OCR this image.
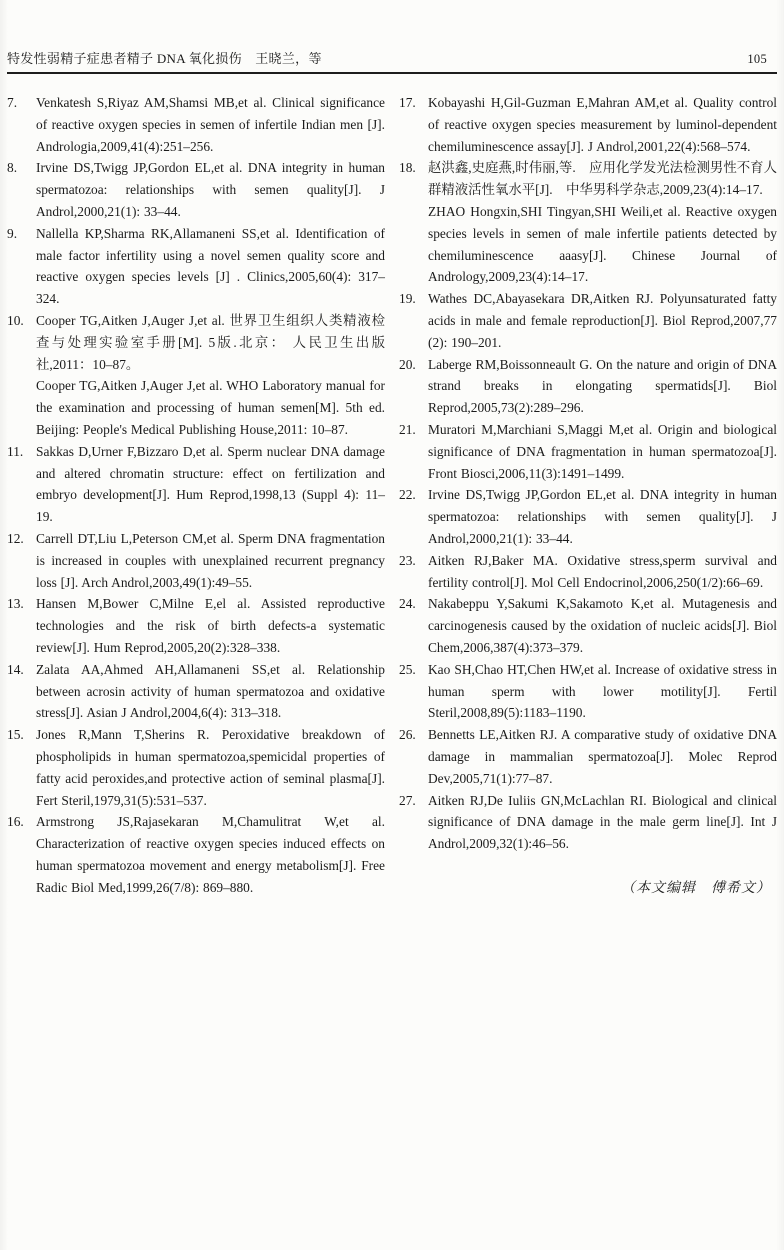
特发性弱精子症患者精子 DNA 氧化损伤　王晓兰，等	105
7.	Venkatesh S,Riyaz AM,Shamsi MB,et al. Clinical significance of reactive oxygen species in semen of infertile Indian men [J]. Andrologia,2009,41(4):251–256.

8.	Irvine DS,Twigg JP,Gordon EL,et al. DNA integrity in human spermatozoa: relationships with semen quality[J]. J Androl,2000,21(1): 33–44.

9.	Nallella KP,Sharma RK,Allamaneni SS,et al. Identification of male factor infertility using a novel semen quality score and reactive oxygen species levels [J] . Clinics,2005,60(4): 317–324.

10. Cooper TG,Aitken J,Auger J,et al. 世界卫生组织人类精液检查与处理实验室手册[M]. 5版.北京： 人民卫生出版社,2011：10–87。

Cooper TG,Aitken J,Auger J,et al. WHO Laboratory manual for the examination and processing of human semen[M]. 5th ed. Beijing: People's Medical Publishing House,2011: 10–87.

11. Sakkas D,Urner F,Bizzaro D,et al. Sperm nuclear DNA damage and altered chromatin structure: effect on fertilization and embryo development[J]. Hum Reprod,1998,13 (Suppl 4): 11–19.

12. Carrell DT,Liu L,Peterson CM,et al. Sperm DNA fragmentation is increased in couples with unexplained recurrent pregnancy loss [J]. Arch Androl,2003,49(1):49–55.

13. Hansen M,Bower C,Milne E,el al. Assisted reproductive technologies and the risk of birth defects-a systematic review[J]. Hum Reprod,2005,20(2):328–338.

14. Zalata AA,Ahmed AH,Allamaneni SS,et al. Relationship between acrosin activity of human spermatozoa and oxidative stress[J]. Asian J Androl,2004,6(4): 313–318.

15. Jones R,Mann T,Sherins R. Peroxidative breakdown of phospholipids in human spermatozoa,spemicidal properties of fatty acid peroxides,and protective action of seminal plasma[J]. Fert Steril,1979,31(5):531–537.

16. Armstrong JS,Rajasekaran M,Chamulitrat W,et al. Characterization of reactive oxygen species induced effects on human spermatozoa movement and energy metabolism[J]. Free Radic Biol Med,1999,26(7/8): 869–880.

17. Kobayashi H,Gil-Guzman E,Mahran AM,et al. Quality control of reactive oxygen species measurement by luminol-dependent chemiluminescence assay[J]. J Androl,2001,22(4):568–574.

18. 赵洪鑫,史庭燕,时伟丽,等.　应用化学发光法检测男性不育人群精液活性氧水平[J].　中华男科学杂志,2009,23(4):14–17.

ZHAO Hongxin,SHI Tingyan,SHI Weili,et al. Reactive oxygen species levels in semen of male infertile patients detected by chemiluminescence aaasy[J]. Chinese Journal of Andrology,2009,23(4):14–17.

19. Wathes DC,Abayasekara DR,Aitken RJ. Polyunsaturated fatty acids in male and female reproduction[J]. Biol Reprod,2007,77 (2): 190–201.

20. Laberge RM,Boissonneault G. On the nature and origin of DNA strand breaks in elongating spermatids[J]. Biol Reprod,2005,73(2):289–296.

21. Muratori M,Marchiani S,Maggi M,et al. Origin and biological significance of DNA fragmentation in human spermatozoa[J]. Front Biosci,2006,11(3):1491–1499.

22. Irvine DS,Twigg JP,Gordon EL,et al. DNA integrity in human spermatozoa: relationships with semen quality[J]. J Androl,2000,21(1): 33–44.

23. Aitken RJ,Baker MA. Oxidative stress,sperm survival and fertility control[J]. Mol Cell Endocrinol,2006,250(1/2):66–69.

24. Nakabeppu Y,Sakumi K,Sakamoto K,et al. Mutagenesis and carcinogenesis caused by the oxidation of nucleic acids[J]. Biol Chem,2006,387(4):373–379.

25. Kao SH,Chao HT,Chen HW,et al. Increase of oxidative stress in human sperm with lower motility[J]. Fertil Steril,2008,89(5):1183–1190.

26. Bennetts LE,Aitken RJ. A comparative study of oxidative DNA damage in mammalian spermatozoa[J]. Molec Reprod Dev,2005,71(1):77–87.

27. Aitken RJ,De Iuliis GN,McLachlan RI. Biological and clinical significance of DNA damage in the male germ line[J]. Int J Androl,2009,32(1):46–56.

（本文编辑　傅希文）
